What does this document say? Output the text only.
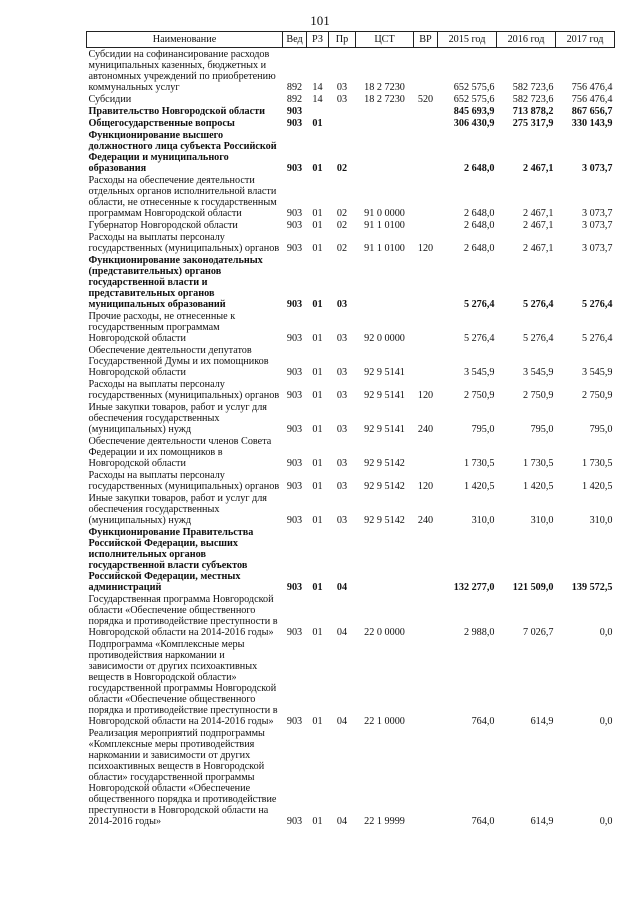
101
Наименование	Вед	РЗ	Пр	ЦСТ	ВР	2015 год	2016 год	2017 год
Субсидии на софинансирование расходов муниципальных казенных, бюджетных и автономных учреждений по приобретению коммунальных услуг	892	14	03	18 2 7230		652 575,6	582 723,6	756 476,4
Субсидии	892	14	03	18 2 7230	520	652 575,6	582 723,6	756 476,4
Правительство Новгородской области	903					845 693,9	713 878,2	867 656,7
Общегосударственные вопросы	903	01				306 430,9	275 317,9	330 143,9
Функционирование высшего должностного лица субъекта Российской Федерации и муниципального образования	903	01	02			2 648,0	2 467,1	3 073,7
Расходы на обеспечение деятельности отдельных органов исполнительной власти области, не отнесенные к государственным программам Новгородской области	903	01	02	91 0 0000		2 648,0	2 467,1	3 073,7
Губернатор Новгородской области	903	01	02	91 1 0100		2 648,0	2 467,1	3 073,7
Расходы на выплаты персоналу государственных (муниципальных) органов	903	01	02	91 1 0100	120	2 648,0	2 467,1	3 073,7
Функционирование законодательных (представительных) органов государственной власти и представительных органов муниципальных образований	903	01	03			5 276,4	5 276,4	5 276,4
Прочие расходы, не отнесенные к государственным программам Новгородской области	903	01	03	92 0 0000		5 276,4	5 276,4	5 276,4
Обеспечение деятельности депутатов Государственной Думы и их помощников Новгородской области	903	01	03	92 9 5141		3 545,9	3 545,9	3 545,9
Расходы на выплаты персоналу государственных (муниципальных) органов	903	01	03	92 9 5141	120	2 750,9	2 750,9	2 750,9
Иные закупки товаров, работ и услуг для обеспечения государственных (муниципальных) нужд	903	01	03	92 9 5141	240	795,0	795,0	795,0
Обеспечение деятельности членов Совета Федерации и их помощников в Новгородской области	903	01	03	92 9 5142		1 730,5	1 730,5	1 730,5
Расходы на выплаты персоналу государственных (муниципальных) органов	903	01	03	92 9 5142	120	1 420,5	1 420,5	1 420,5
Иные закупки товаров, работ и услуг для обеспечения государственных (муниципальных) нужд	903	01	03	92 9 5142	240	310,0	310,0	310,0
Функционирование Правительства Российской Федерации, высших исполнительных органов государственной власти субъектов Российской Федерации, местных администраций	903	01	04			132 277,0	121 509,0	139 572,5
Государственная программа Новгородской области «Обеспечение общественного порядка и противодействие преступности в Новгородской области на 2014-2016 годы»	903	01	04	22 0 0000		2 988,0	7 026,7	0,0
Подпрограмма «Комплексные меры противодействия наркомании и зависимости от других психоактивных веществ в Новгородской области» государственной программы Новгородской области «Обеспечение общественного порядка и противодействие преступности в Новгородской области на 2014-2016 годы»	903	01	04	22 1 0000		764,0	614,9	0,0
Реализация мероприятий подпрограммы «Комплексные меры противодействия наркомании и зависимости от других психоактивных веществ в Новгородской области» государственной программы Новгородской области «Обеспечение общественного порядка и противодействие преступности в Новгородской области на 2014-2016 годы»	903	01	04	22 1 9999		764,0	614,9	0,0
